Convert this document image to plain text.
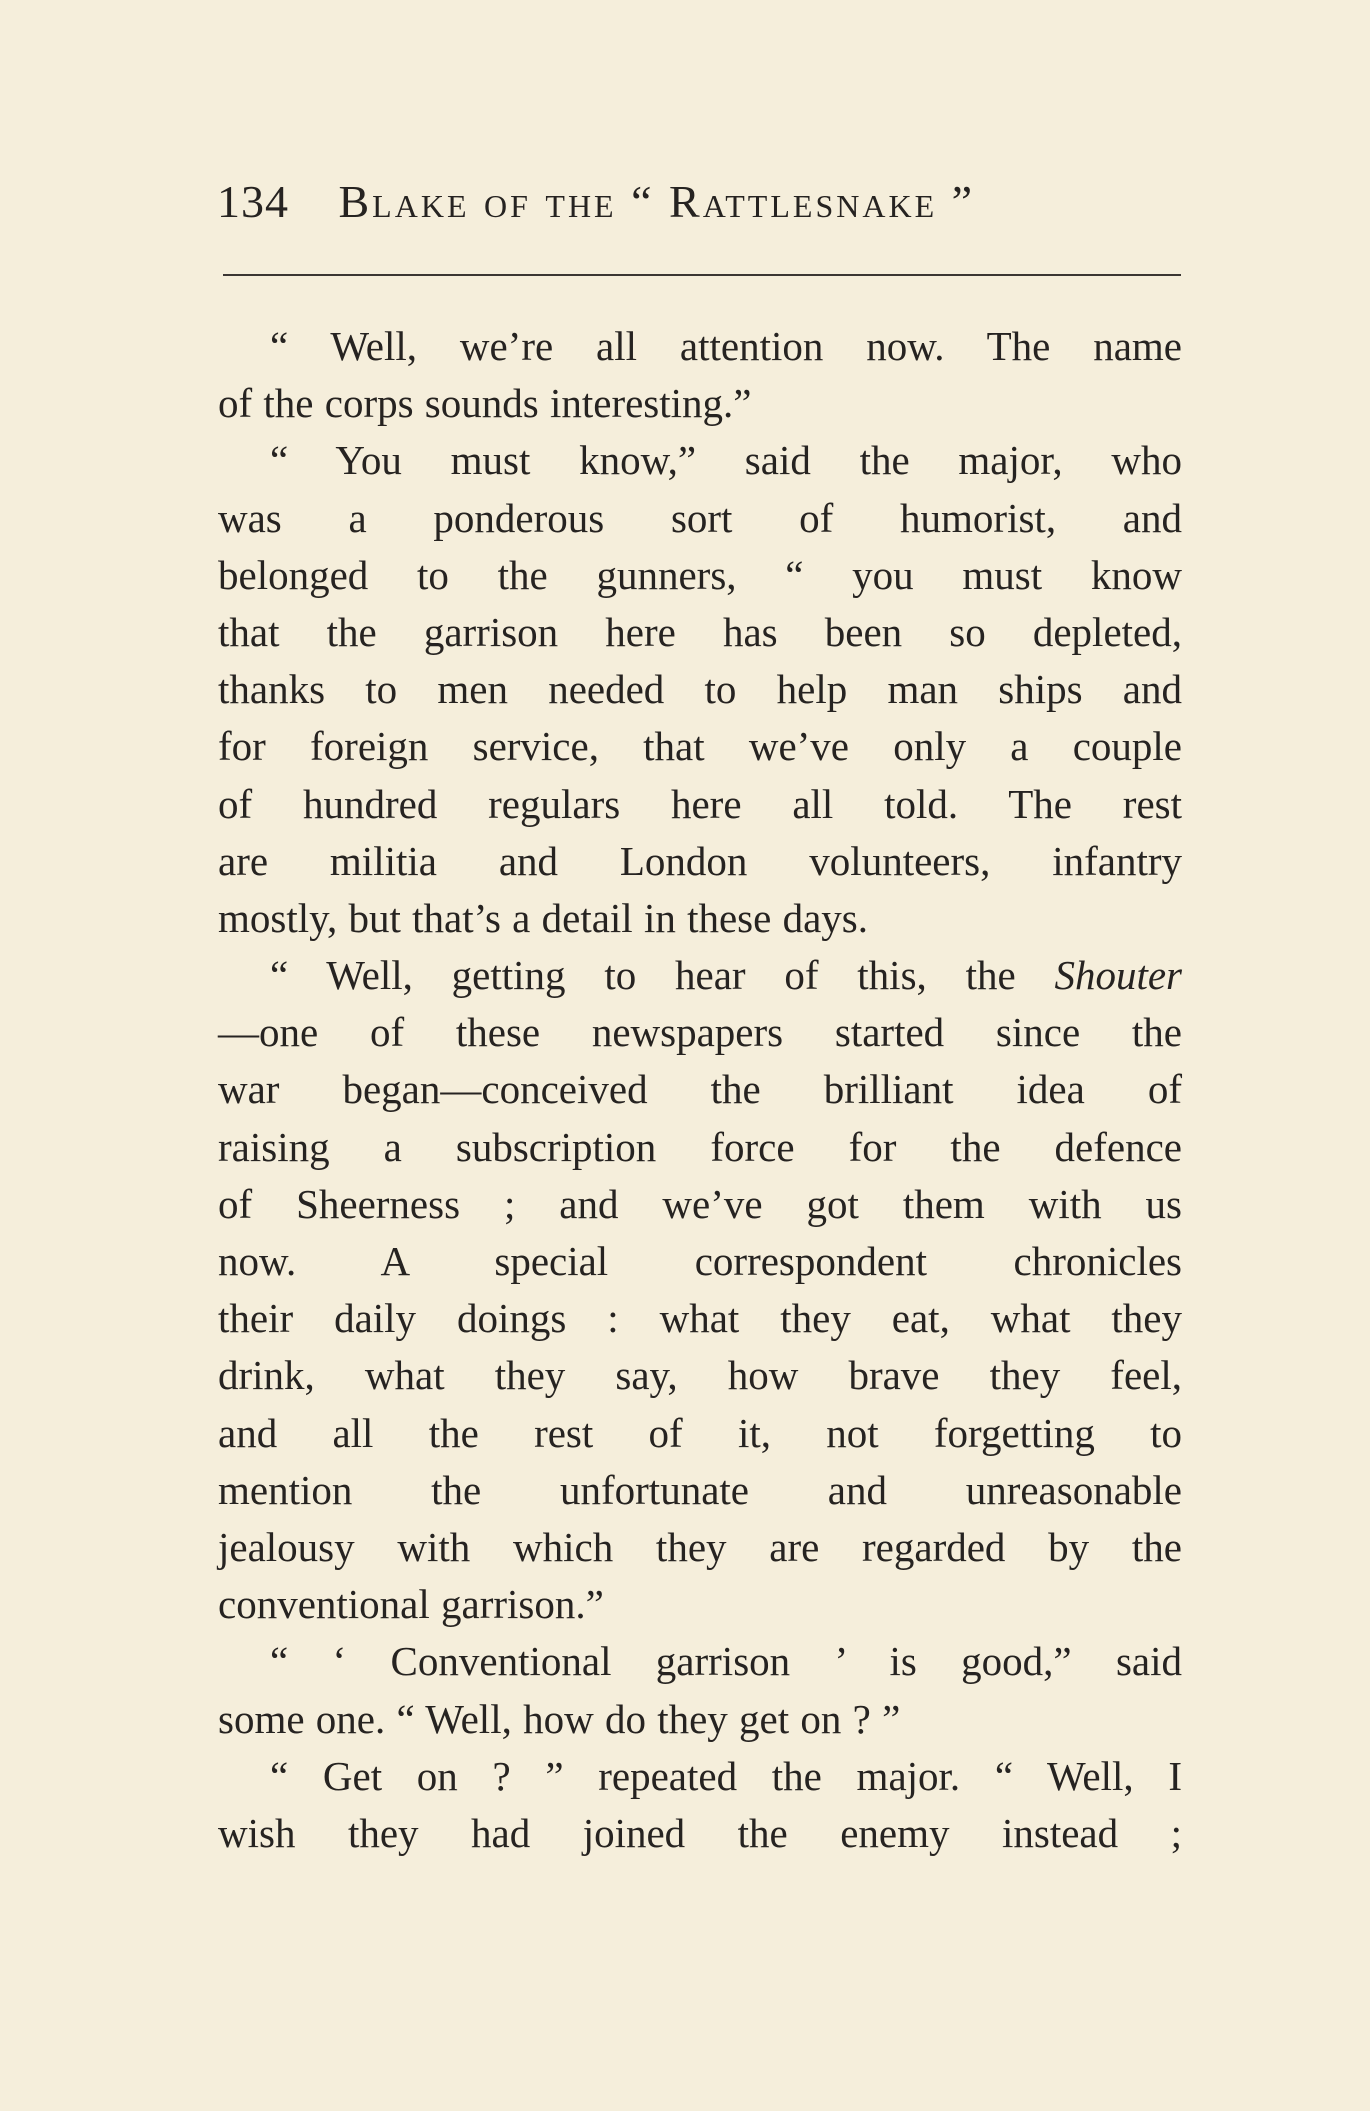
134 Blake of the “ Rattlesnake ”
“ Well, we’re all attention now. The name
of the corps sounds interesting.”
“ You must know,” said the major, who
was a ponderous sort of humorist, and
belonged to the gunners, “ you must know
that the garrison here has been so depleted,
thanks to men needed to help man ships and
for foreign service, that we’ve only a couple
of hundred regulars here all told. The rest
are militia and London volunteers, infantry
mostly, but that’s a detail in these days.
“ Well, getting to hear of this, the Shouter
—one of these newspapers started since the
war began—conceived the brilliant idea of
raising a subscription force for the defence
of Sheerness ; and we’ve got them with us
now. A special correspondent chronicles
their daily doings : what they eat, what they
drink, what they say, how brave they feel,
and all the rest of it, not forgetting to
mention the unfortunate and unreasonable
jealousy with which they are regarded by the
conventional garrison.”
“ ‘ Conventional garrison ’ is good,” said
some one. “ Well, how do they get on ? ”
“ Get on ? ” repeated the major. “ Well, I
wish they had joined the enemy instead ;
